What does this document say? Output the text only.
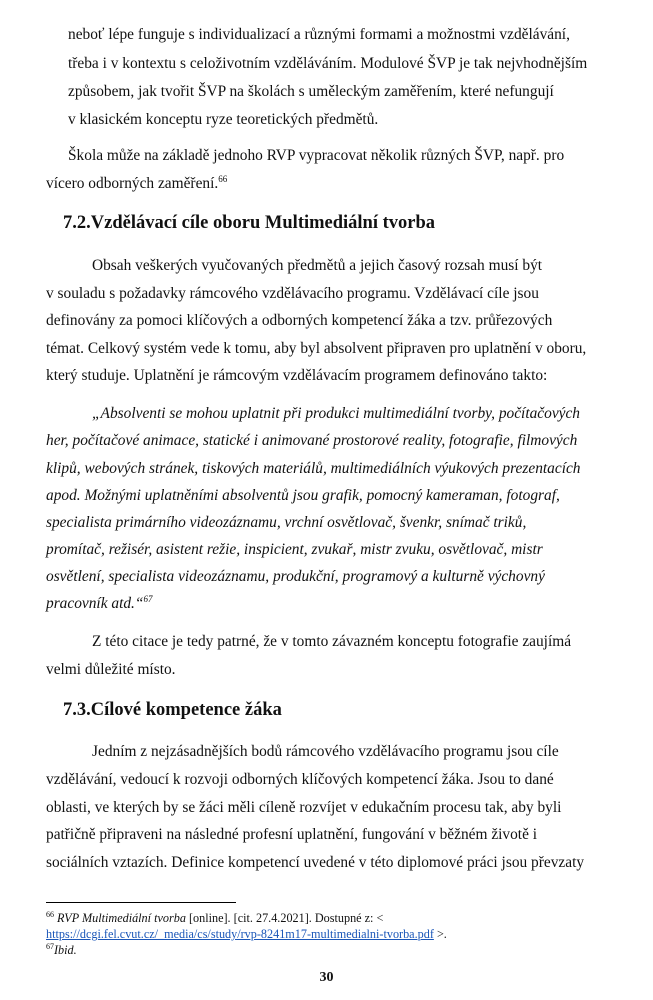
neboť lépe funguje s individualizací a různými formami a možnostmi vzdělávání,
třeba i v kontextu s celoživotním vzděláváním. Modulové ŠVP je tak nejvhodnějším
způsobem, jak tvořit ŠVP na školách s uměleckým zaměřením, které nefungují
v klasickém konceptu ryze teoretických předmětů.
Škola může na základě jednoho RVP vypracovat několik různých ŠVP, např. pro
vícero odborných zaměření.$^{66}$
7.2.Vzdělávací cíle oboru Multimediální tvorba
Obsah veškerých vyučovaných předmětů a jejich časový rozsah musí být
v souladu s požadavky rámcového vzdělávacího programu. Vzdělávací cíle jsou
definovány za pomoci klíčových a odborných kompetencí žáka a tzv. průřezových
témat. Celkový systém vede k tomu, aby byl absolvent připraven pro uplatnění v oboru,
který studuje. Uplatnění je rámcovým vzdělávacím programem definováno takto:
„Absolventi se mohou uplatnit při produkci multimediální tvorby, počítačových
her, počítačové animace, statické i animované prostorové reality, fotografie, filmových
klipů, webových stránek, tiskových materiálů, multimediálních výukových prezentacích
apod. Možnými uplatněními absolventů jsou grafik, pomocný kameraman, fotograf,
specialista primárního videozáznamu, vrchní osvětlovač, švenkr, snímač triků,
promítač, režisér, asistent režie, inspicient, zvukař, mistr zvuku, osvětlovač, mistr
osvětlení, specialista videozáznamu, produkční, programový a kulturně výchovný
pracovník atd.“$^{67}$
Z této citace je tedy patrné, že v tomto závazném konceptu fotografie zaujímá
velmi důležité místo.
7.3.Cílové kompetence žáka
Jedním z nejzásadnějších bodů rámcového vzdělávacího programu jsou cíle
vzdělávání, vedoucí k rozvoji odborných klíčových kompetencí žáka. Jsou to dané
oblasti, ve kterých by se žáci měli cíleně rozvíjet v edukačním procesu tak, aby byli
patřičně připraveni na následné profesní uplatnění, fungování v běžném životě i
sociálních vztazích. Definice kompetencí uvedené v této diplomové práci jsou převzaty
$^{66}$ RVP Multimediální tvorba [online]. [cit. 27.4.2021]. Dostupné z: <
https://dcgi.fel.cvut.cz/_media/cs/study/rvp-8241m17-multimedialni-tvorba.pdf >.
$^{67}$Ibid.
30
